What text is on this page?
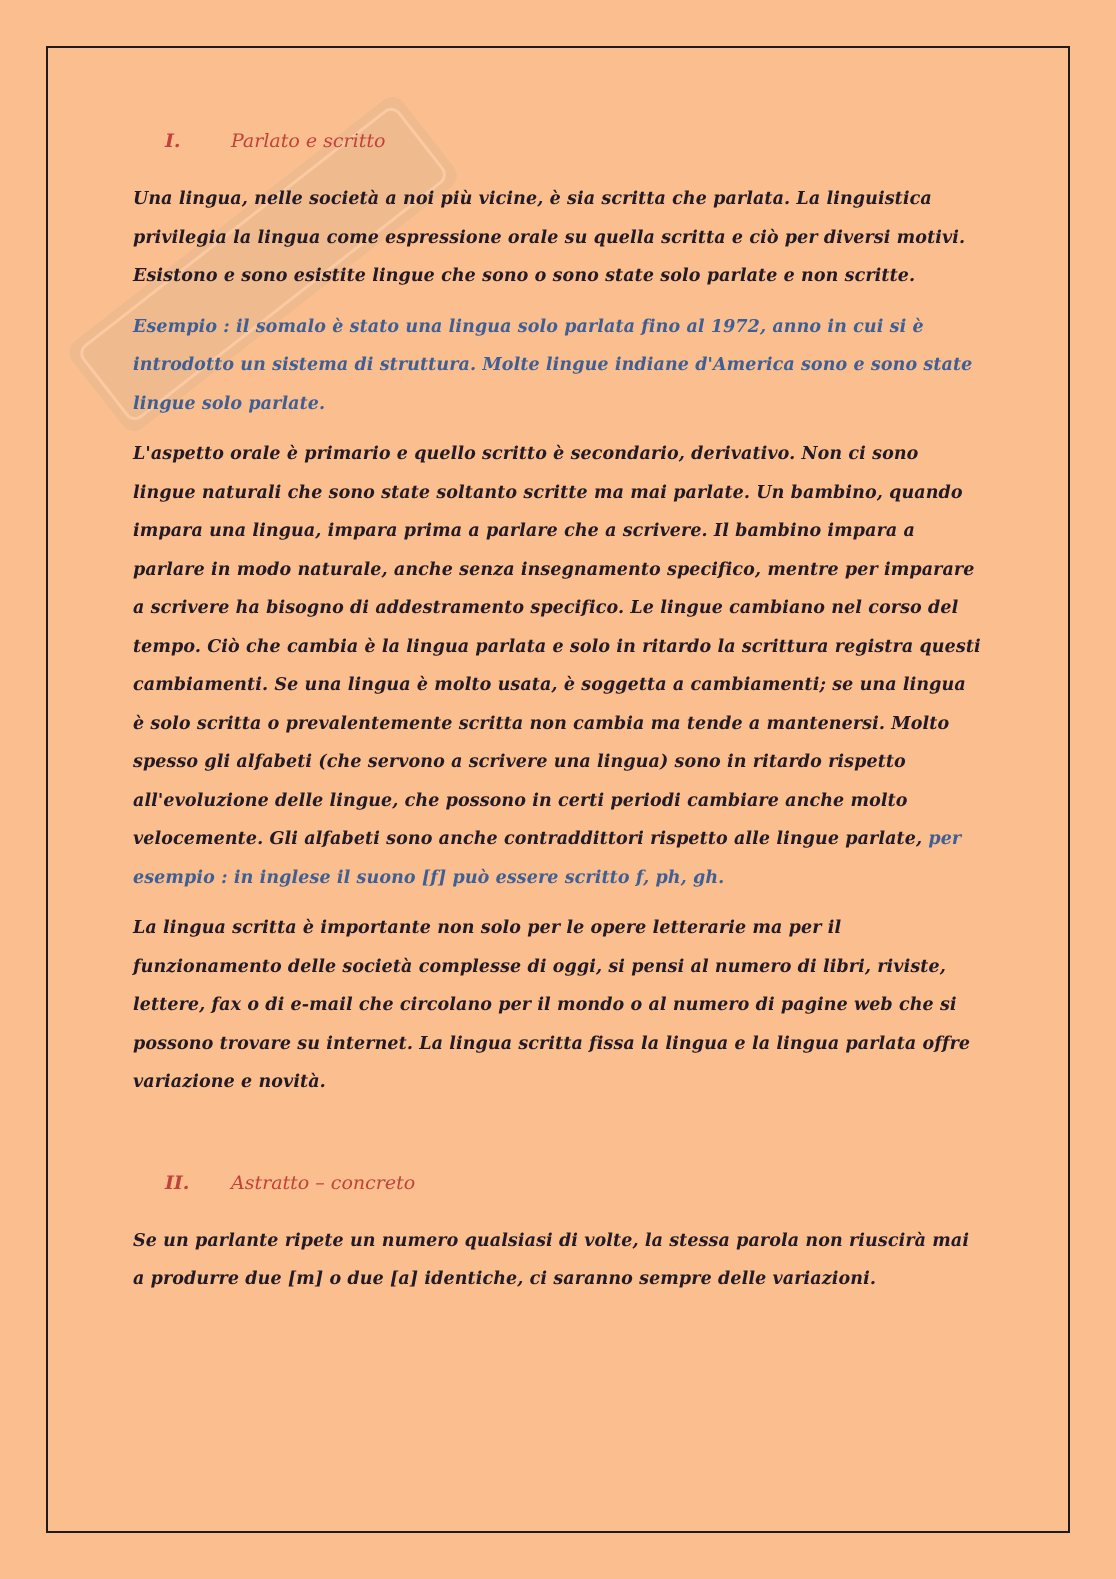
I.	Parlato e scritto

Una lingua, nelle società a noi più vicine, è sia scritta che parlata. La linguistica privilegia la lingua come espressione orale su quella scritta e ciò per diversi motivi. Esistono e sono esistite lingue che sono o sono state solo parlate e non scritte.

Esempio : il somalo è stato una lingua solo parlata fino al 1972, anno in cui si è introdotto un sistema di struttura. Molte lingue indiane d'America sono e sono state lingue solo parlate.

L'aspetto orale è primario e quello scritto è secondario, derivativo. Non ci sono lingue naturali che sono state soltanto scritte ma mai parlate. Un bambino, quando impara una lingua, impara prima a parlare che a scrivere. Il bambino impara a parlare in modo naturale, anche senza insegnamento specifico, mentre per imparare a scrivere ha bisogno di addestramento specifico. Le lingue cambiano nel corso del tempo. Ciò che cambia è la lingua parlata e solo in ritardo la scrittura registra questi cambiamenti. Se una lingua è molto usata, è soggetta a cambiamenti; se una lingua è solo scritta o prevalentemente scritta non cambia ma tende a mantenersi. Molto spesso gli alfabeti (che servono a scrivere una lingua) sono in ritardo rispetto all'evoluzione delle lingue, che possono in certi periodi cambiare anche molto velocemente. Gli alfabeti sono anche contraddittori rispetto alle lingue parlate, per esempio : in inglese il suono [f] può essere scritto f, ph, gh.

La lingua scritta è importante non solo per le opere letterarie ma per il funzionamento delle società complesse di oggi, si pensi al numero di libri, riviste, lettere, fax o di e-mail che circolano per il mondo o al numero di pagine web che si possono trovare su internet. La lingua scritta fissa la lingua e la lingua parlata offre variazione e novità.

II.	Astratto – concreto

Se un parlante ripete un numero qualsiasi di volte, la stessa parola non riuscirà mai a produrre due [m] o due [a] identiche, ci saranno sempre delle variazioni.
